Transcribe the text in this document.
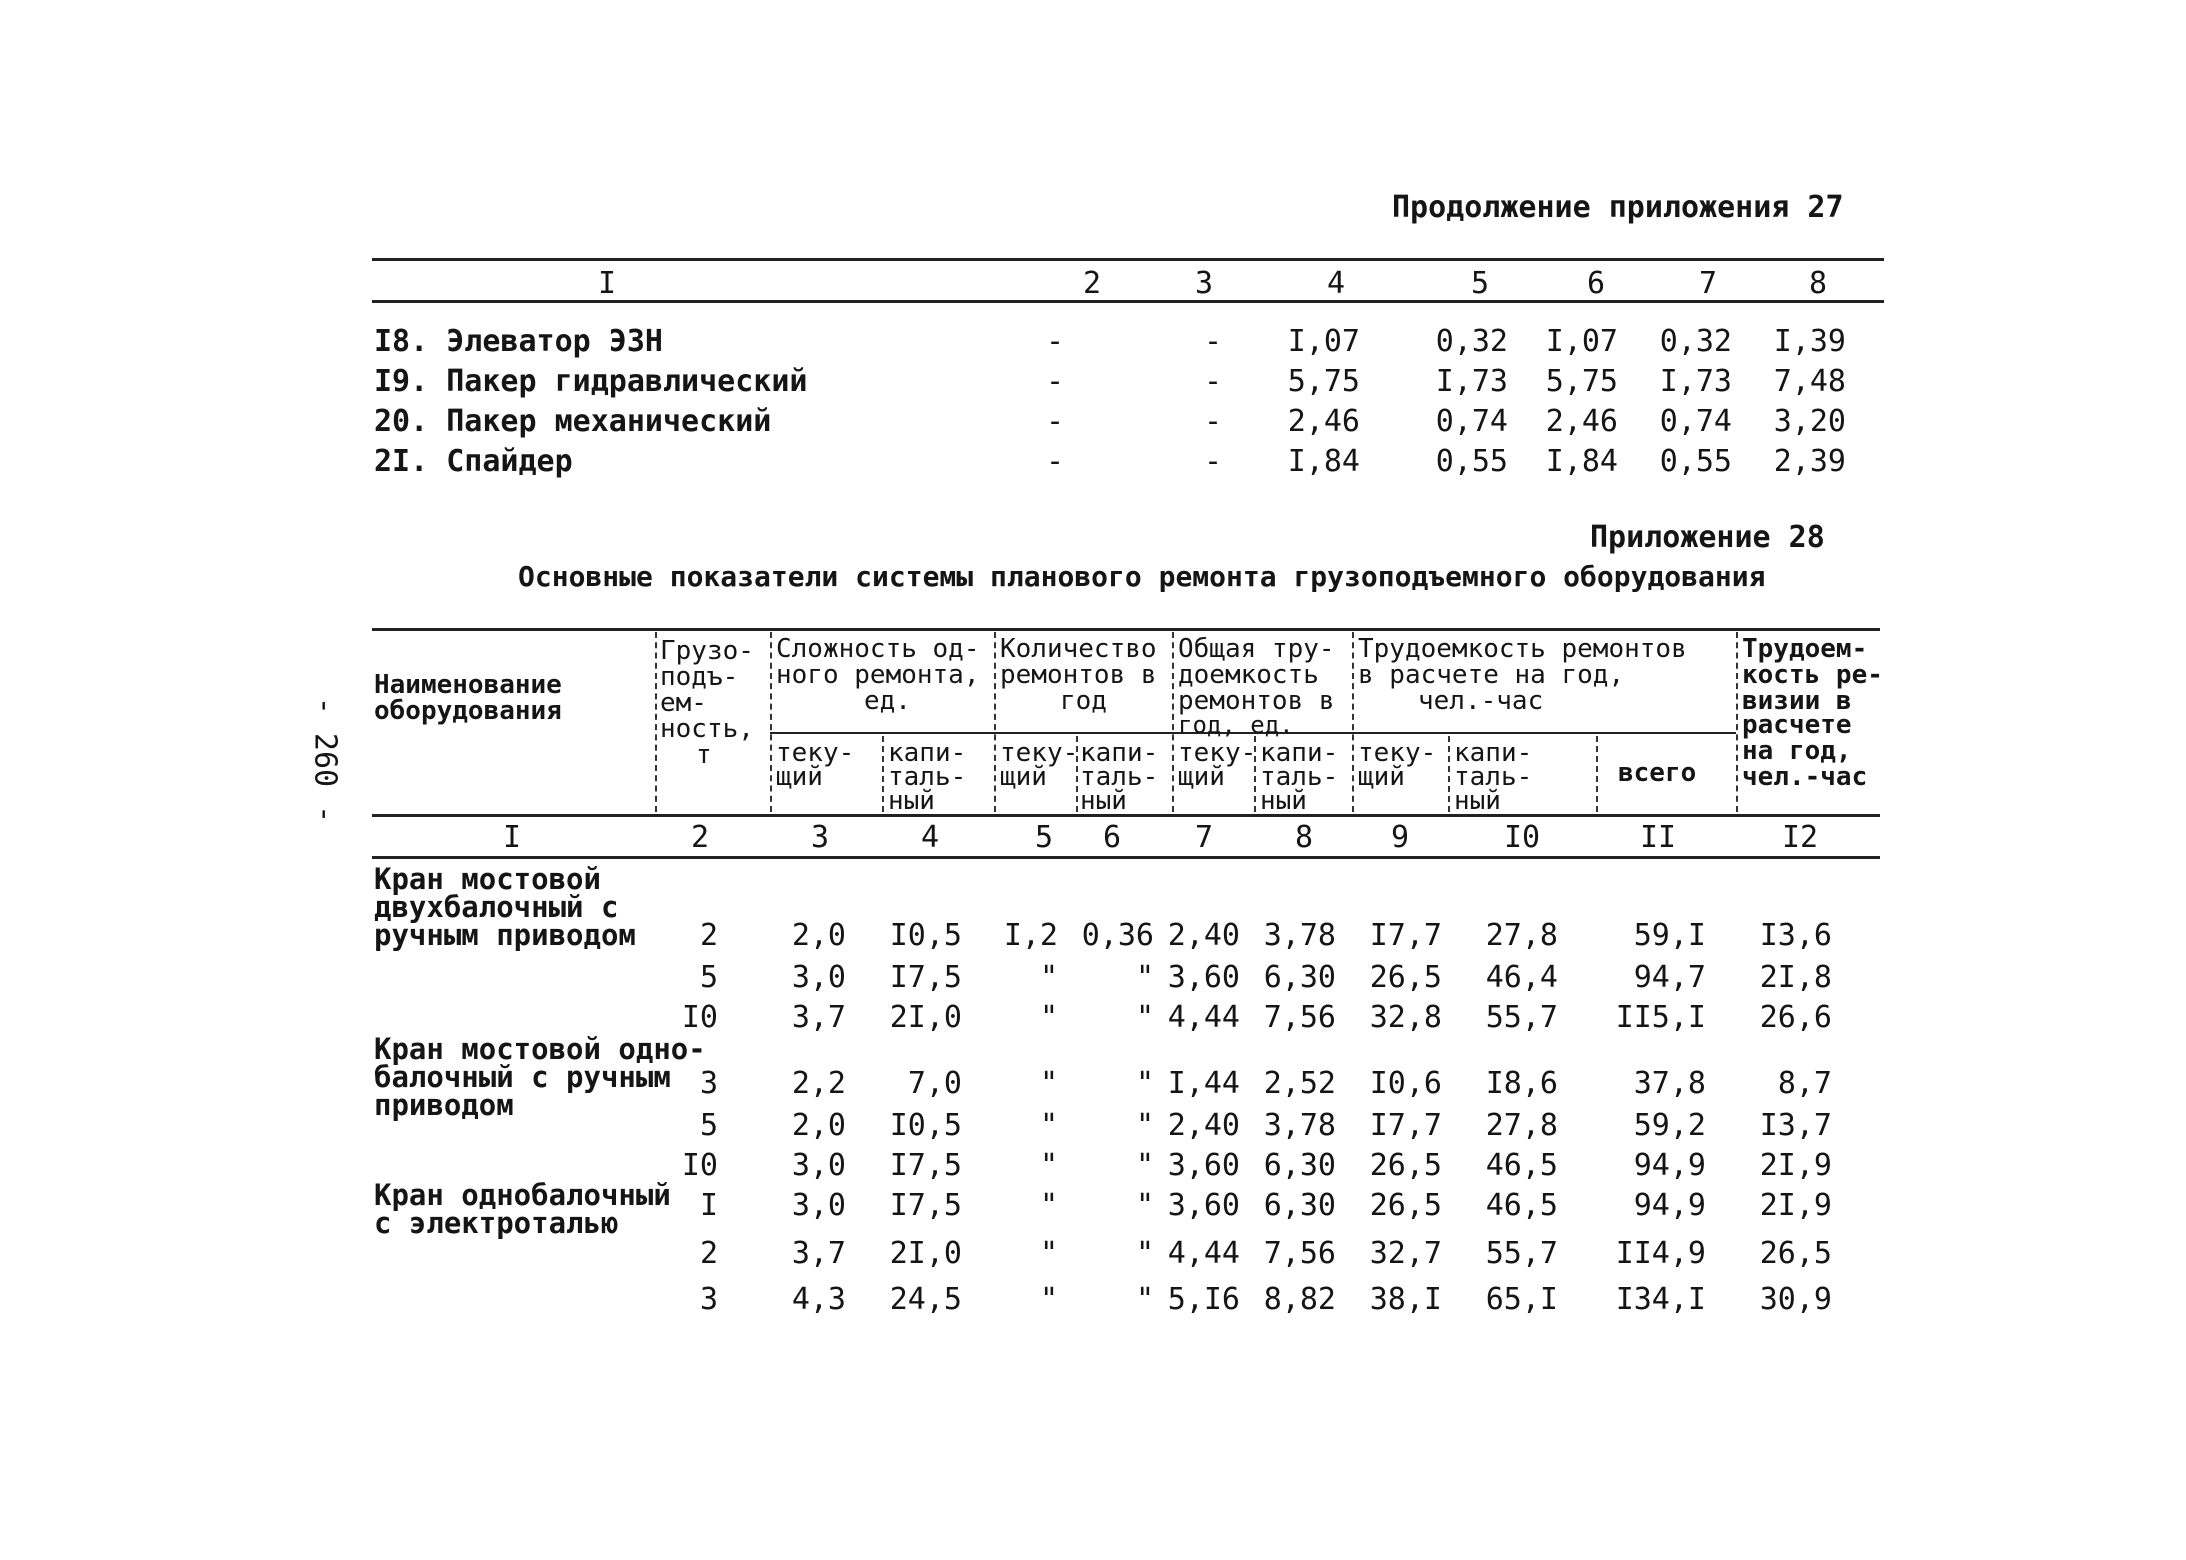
- 260 -
Продолжение приложения 27
I	2	3	4	5	6	7	8
I8. Элеватор ЭЗН	-	- I,07	0,32 I,07 0,32 I,39
I9. Пакер гидравлический	-	- 5,75	I,73 5,75 I,73 7,48
20. Пакер механический	-	- 2,46	0,74 2,46 0,74 3,20
2I. Спайдер	-	- I,84	0,55 I,84 0,55 2,39
Приложение 28
Основные показатели системы планового ремонта грузоподъемного оборудования
Наименование
оборудования
Грузо-
подъ-
ем-
ность,
т
Сложность од-
ного ремонта,
ед.
Количество
ремонтов в
год
Общая тру-
доемкость
ремонтов в
год, ед.
Трудоемкость ремонтов
в расчете на год,
чел.-час
Трудоем-
кость ре-
визии в
расчете
на год,
чел.-час
теку-
щий
капи-
таль-
ный
теку-
щий
капи-
таль-
ный
теку-
щий
капи-
таль-
ный
теку-
щий
капи-
таль-
ный
всего
I	2	3	4	5 6 7	8	9	I0	II	I2
Кран мостовой
двухбалочный с
ручным приводом 2 2,0 I0,5 I,2 0,36 2,40 3,78 I7,7 27,8	59,I I3,6
5 3,0 I7,5	"	" 3,60 6,30 26,5 46,4	94,7 2I,8
I0 3,7 2I,0	"	" 4,44 7,56 32,8 55,7 II5,I 26,6
Кран мостовой одно-
балочный с ручным
приводом
3 2,2 7,0	"	" I,44 2,52 I0,6 I8,6	37,8 8,7
5 2,0 I0,5	"	" 2,40 3,78 I7,7 27,8	59,2 I3,7
I0 3,0 I7,5	"	" 3,60 6,30 26,5 46,5	94,9 2I,9
Кран однобалочный
с электроталью	I 3,0 I7,5	"	" 3,60 6,30 26,5 46,5	94,9 2I,9
2 3,7 2I,0	"	" 4,44 7,56 32,7 55,7 II4,9 26,5
3 4,3 24,5	"	" 5,I6 8,82 38,I 65,I I34,I 30,9
